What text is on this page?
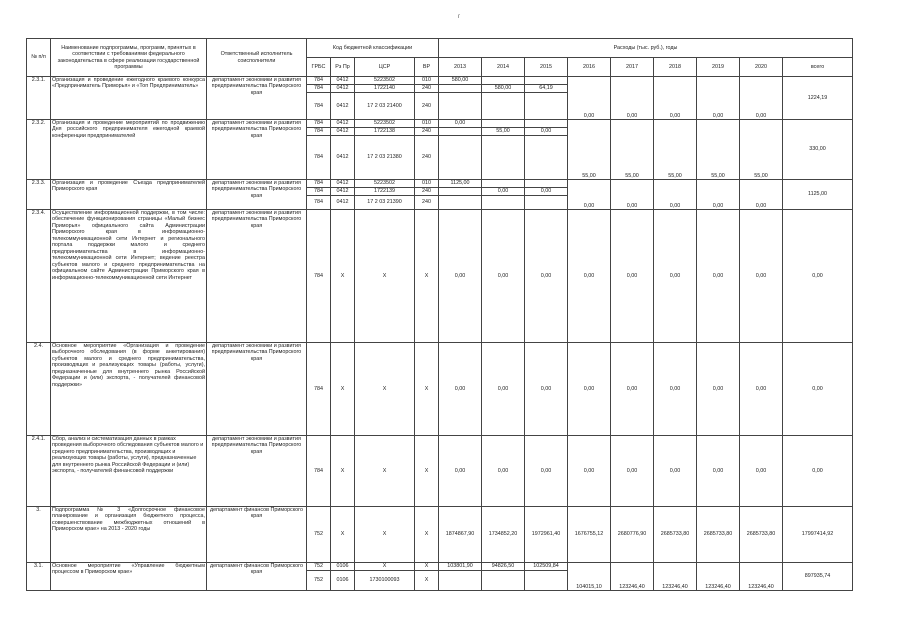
г
№ п/п	Наименование подпрограммы, программ, принятых в соответствии с требованиями федерального законодательства в сфере реализации государственной программы	Ответственный исполнитель соисполнители	Код бюджетной классификации				Расходы (тыс. руб.), годы								
			ГРБС	Рз Пр	ЦСР	ВР	2013	2014	2015	2016	2017	2018	2019	2020	всего
2.3.1.	Организация и проведение ежегодного краевого конкурса «Предприниматель Приморья» и «Топ Предприниматель»	департамент экономики и развития предпринимательства Приморского края	784	0412	5223502	010	580,00			0,00	0,00	0,00	0,00	0,00	1224,19
			784	0412	1722140	240		580,00	64,19						
			784	0412	17 2 03 21400	240									
2.3.2.	Организация и проведение мероприятий по продвижению Дня российского предпринимателя ежегодной краевой конференции предпринимателей	департамент экономики и развития предпринимательства Приморского края	784	0412	5223502	010	0,00			55,00	55,00	55,00	55,00	55,00	330,00
			784	0412	1722138	240		55,00	0,00						
			784	0412	17 2 03 21380	240									
2.3.3.	Организация и проведение Съезда предпринимателей Приморского края	департамент экономики и развития предпринимательства Приморского края	784	0412	5223502	010	1125,00			0,00	0,00	0,00	0,00	0,00	1125,00
			784	0412	1722139	240		0,00	0,00						
			784	0412	17 2 03 21390	240									
2.3.4.	Осуществление информационной поддержки, в том числе: обеспечение функционирования страницы «Малый бизнес Приморья» официального сайта Администрации Приморского края в информационно-телекоммуникационной сети Интернет и регионального портала поддержки малого и среднего предпринимательства в информационно-телекоммуникационной сети Интернет; ведение реестра субъектов малого и среднего предпринимательства на официальном сайте Администрации Приморского края в информационно-телекоммуникационной сети Интернет	департамент экономики и развития предпринимательства Приморского края	784	X	X	X	0,00	0,00	0,00	0,00	0,00	0,00	0,00	0,00	0,00
2.4.	Основное мероприятие «Организация и проведение выборочного обследования (в форме анкетирования) субъектов малого и среднего предпринимательства, производящих и реализующих товары (работы, услуги), предназначенные для внутреннего рынка Российской Федерации и (или) экспорта, - получателей финансовой поддержки»	департамент экономики и развития предпринимательства Приморского края	784	X	X	X	0,00	0,00	0,00	0,00	0,00	0,00	0,00	0,00	0,00
2.4.1.	Сбор, анализ и систематизация данных в рамках проведения выборочного обследования субъектов малого и среднего предпринимательства, производящих и реализующих товары (работы, услуги), предназначенные для внутреннего рынка Российской Федерации и (или) экспорта, - получателей финансовой поддержки	департамент экономики и развития предпринимательства Приморского края	784	X	X	X	0,00	0,00	0,00	0,00	0,00	0,00	0,00	0,00	0,00
3.	Подпрограмма № 3 «Долгосрочное финансовое планирование и организация бюджетного процесса, совершенствование межбюджетных отношений в Приморском крае» на 2013 - 2020 годы	департамент финансов Приморского края	752	X	X	X	1874867,90	1734852,20	1972961,40	1676755,12	2680776,90	2685733,80	2685733,80	2685733,80	17997414,92
3.1.	Основное мероприятие «Управление бюджетным процессом в Приморском крае»	департамент финансов Приморского края	752	0106	X	X	103801,90	94826,50	102509,84	104015,10	123246,40	123246,40	123246,40	123246,40	897935,74
			752	0106	1730100093	X									
